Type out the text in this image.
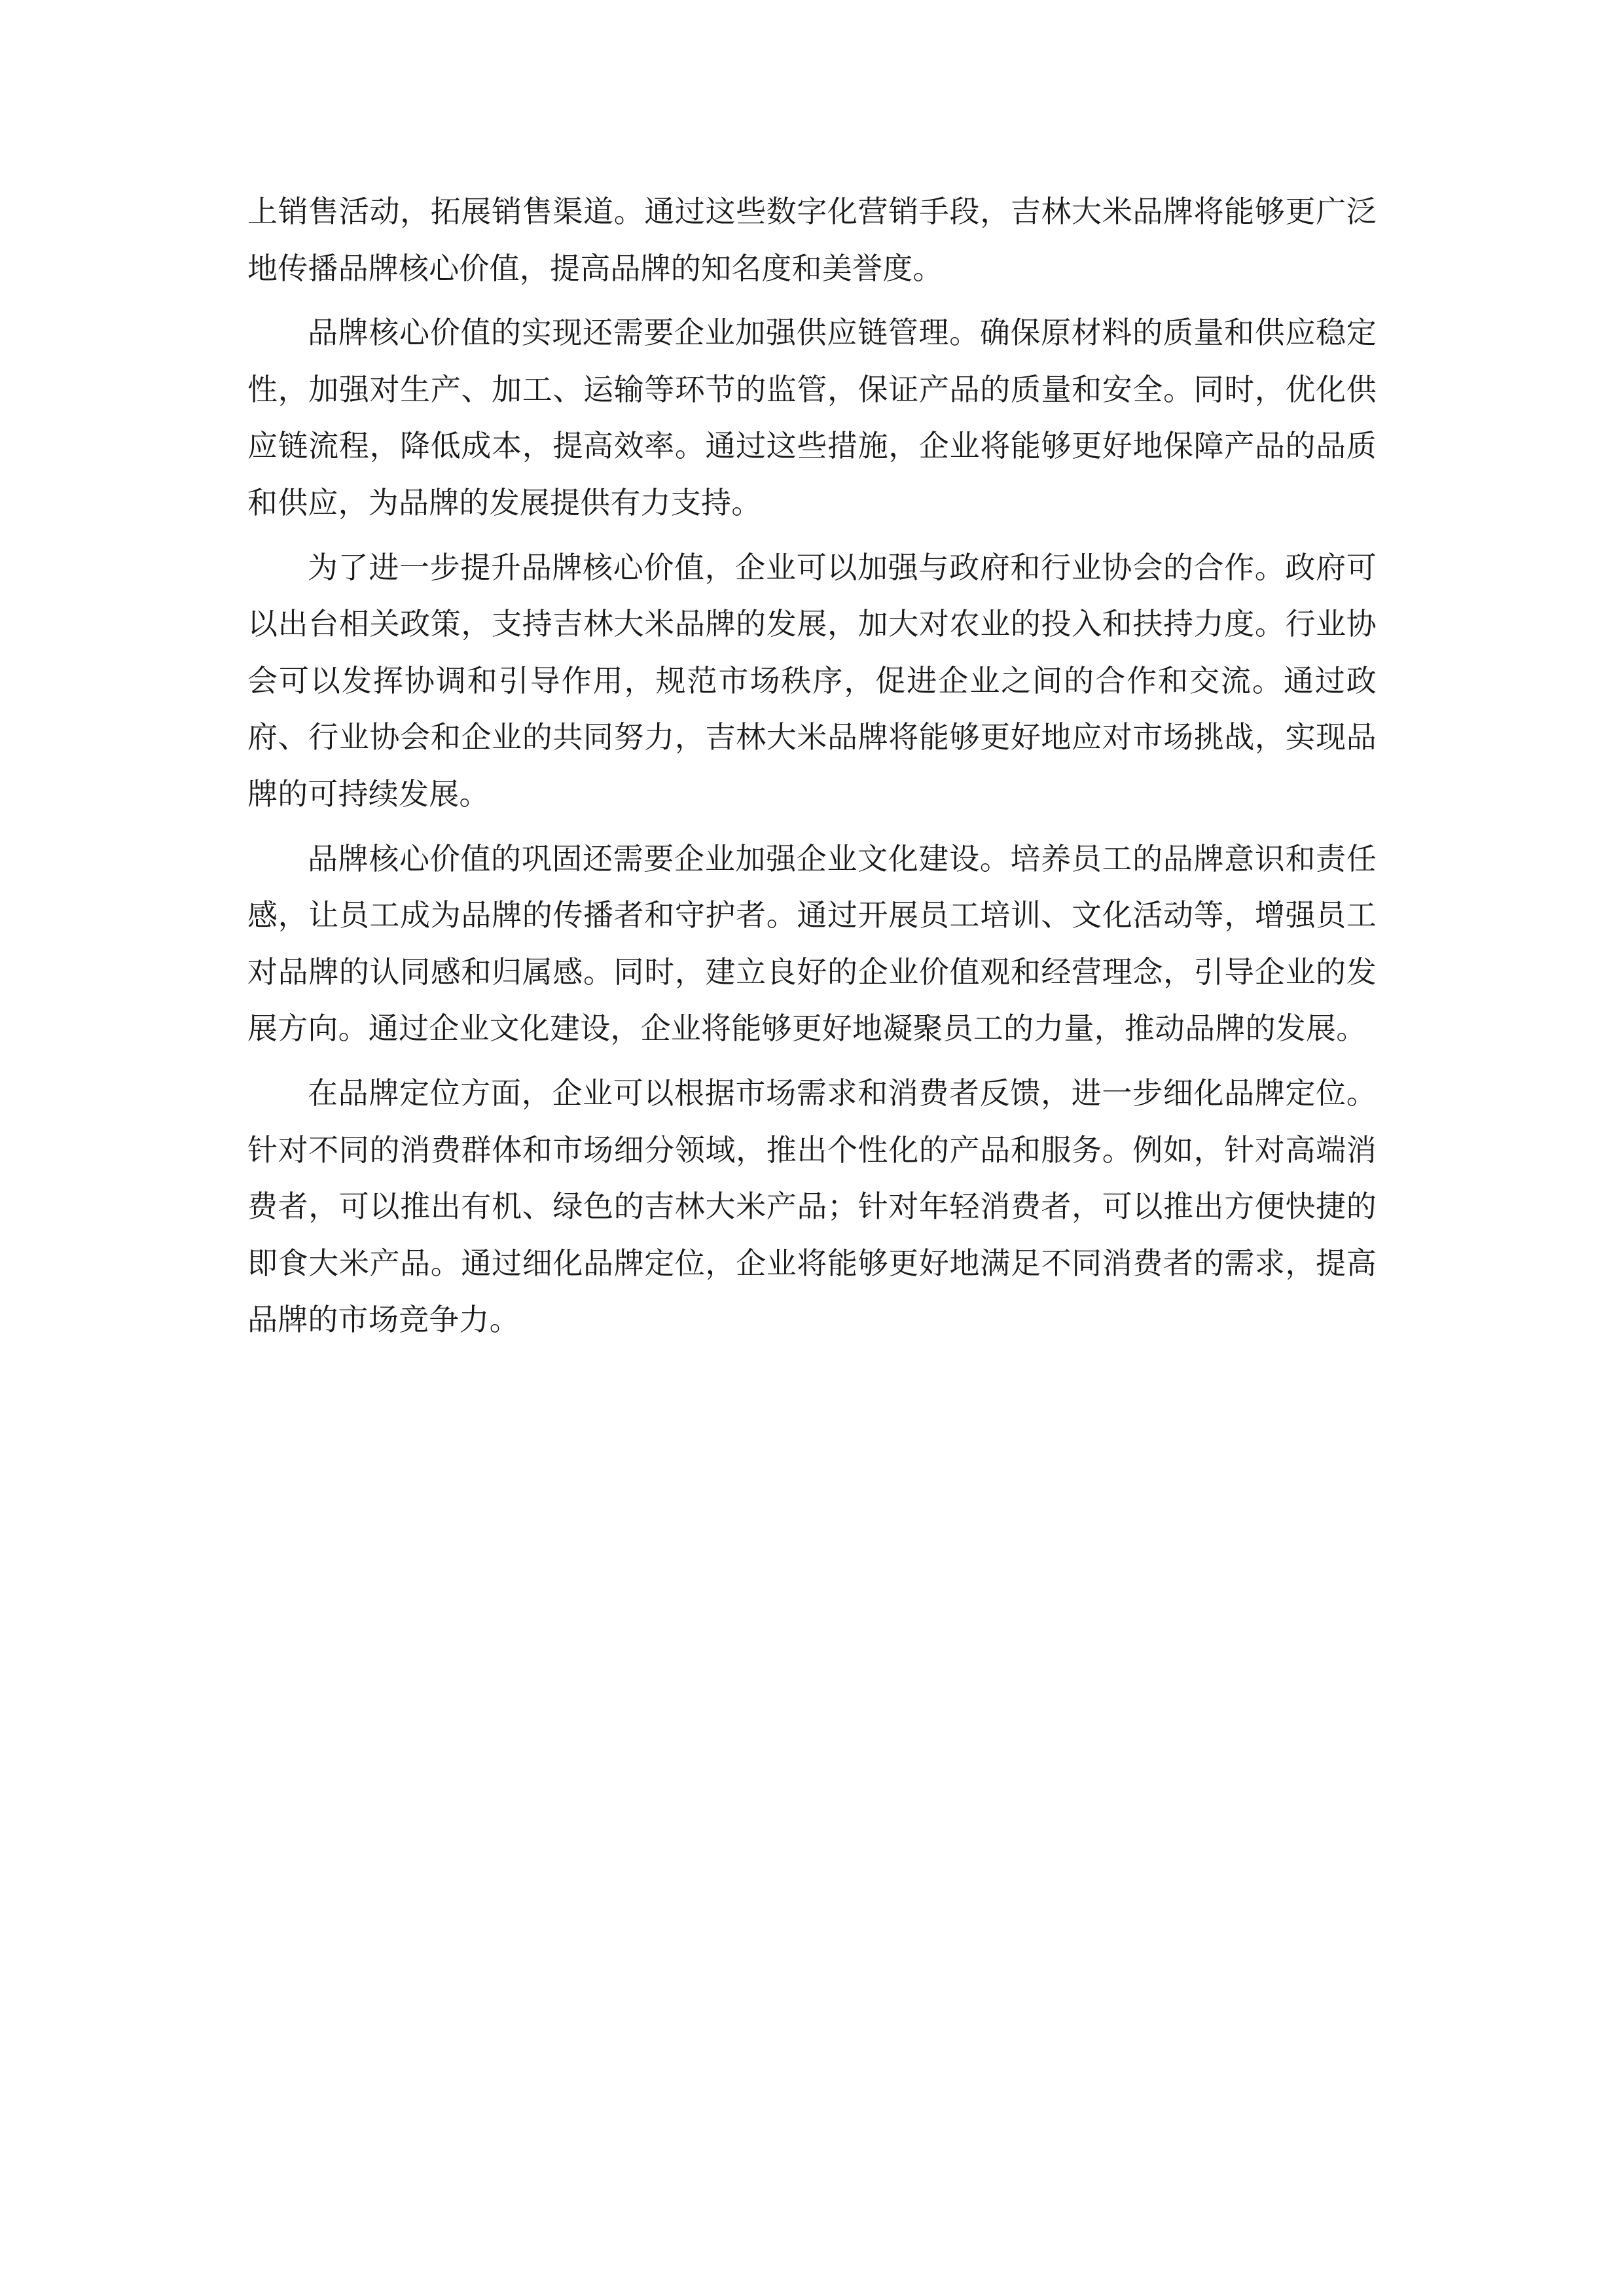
上销售活动，拓展销售渠道。通过这些数字化营销手段，吉林大米品牌将能够更广泛地传播品牌核心价值，提高品牌的知名度和美誉度。

品牌核心价值的实现还需要企业加强供应链管理。确保原材料的质量和供应稳定性，加强对生产、加工、运输等环节的监管，保证产品的质量和安全。同时，优化供应链流程，降低成本，提高效率。通过这些措施，企业将能够更好地保障产品的品质和供应，为品牌的发展提供有力支持。

为了进一步提升品牌核心价值，企业可以加强与政府和行业协会的合作。政府可以出台相关政策，支持吉林大米品牌的发展，加大对农业的投入和扶持力度。行业协会可以发挥协调和引导作用，规范市场秩序，促进企业之间的合作和交流。通过政府、行业协会和企业的共同努力，吉林大米品牌将能够更好地应对市场挑战，实现品牌的可持续发展。

品牌核心价值的巩固还需要企业加强企业文化建设。培养员工的品牌意识和责任感，让员工成为品牌的传播者和守护者。通过开展员工培训、文化活动等，增强员工对品牌的认同感和归属感。同时，建立良好的企业价值观和经营理念，引导企业的发展方向。通过企业文化建设，企业将能够更好地凝聚员工的力量，推动品牌的发展。

在品牌定位方面，企业可以根据市场需求和消费者反馈，进一步细化品牌定位。针对不同的消费群体和市场细分领域，推出个性化的产品和服务。例如，针对高端消费者，可以推出有机、绿色的吉林大米产品；针对年轻消费者，可以推出方便快捷的即食大米产品。通过细化品牌定位，企业将能够更好地满足不同消费者的需求，提高品牌的市场竞争力。
